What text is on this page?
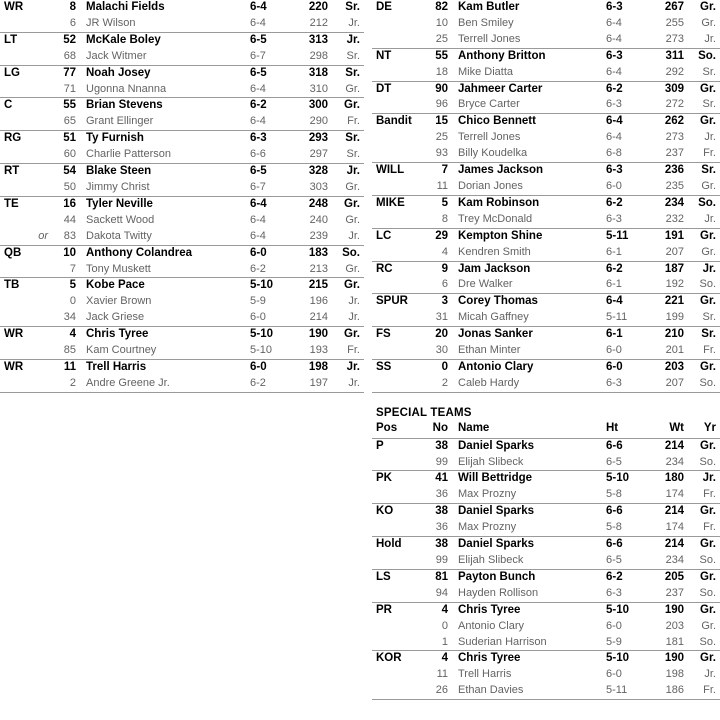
WR	8	Malachi Fields	6-4	220	Sr.
	6	JR Wilson	6-4	212	Jr.
LT	52	McKale Boley	6-5	313	Jr.
	68	Jack Witmer	6-7	298	Sr.
LG	77	Noah Josey	6-5	318	Sr.
	71	Ugonna Nnanna	6-4	310	Gr.
C	55	Brian Stevens	6-2	300	Gr.
	65	Grant Ellinger	6-4	290	Fr.
RG	51	Ty Furnish	6-3	293	Sr.
	60	Charlie Patterson	6-6	297	Sr.
RT	54	Blake Steen	6-5	328	Jr.
	50	Jimmy Christ	6-7	303	Gr.
TE	16	Tyler Neville	6-4	248	Gr.
	44	Sackett Wood	6-4	240	Gr.
or	83	Dakota Twitty	6-4	239	Jr.
QB	10	Anthony Colandrea	6-0	183	So.
	7	Tony Muskett	6-2	213	Gr.
TB	5	Kobe Pace	5-10	215	Gr.
	0	Xavier Brown	5-9	196	Jr.
	34	Jack Griese	6-0	214	Jr.
WR	4	Chris Tyree	5-10	190	Gr.
	85	Kam Courtney	5-10	193	Fr.
WR	11	Trell Harris	6-0	198	Jr.
	2	Andre Greene Jr.	6-2	197	Jr.
DE	82	Kam Butler	6-3	267	Gr.
	10	Ben Smiley	6-4	255	Gr.
	25	Terrell Jones	6-4	273	Jr.
NT	55	Anthony Britton	6-3	311	So.
	18	Mike Diatta	6-4	292	Sr.
DT	90	Jahmeer Carter	6-2	309	Gr.
	96	Bryce Carter	6-3	272	Sr.
Bandit	15	Chico Bennett	6-4	262	Gr.
	25	Terrell Jones	6-4	273	Jr.
	93	Billy Koudelka	6-8	237	Fr.
WILL	7	James Jackson	6-3	236	Sr.
	11	Dorian Jones	6-0	235	Gr.
MIKE	5	Kam Robinson	6-2	234	So.
	8	Trey McDonald	6-3	232	Jr.
LC	29	Kempton Shine	5-11	191	Gr.
	4	Kendren Smith	6-1	207	Gr.
RC	9	Jam Jackson	6-2	187	Jr.
	6	Dre Walker	6-1	192	So.
SPUR	3	Corey Thomas	6-4	221	Gr.
	31	Micah Gaffney	5-11	199	Sr.
FS	20	Jonas Sanker	6-1	210	Sr.
	30	Ethan Minter	6-0	201	Fr.
SS	0	Antonio Clary	6-0	203	Gr.
	2	Caleb Hardy	6-3	207	So.
SPECIAL TEAMS
Pos	No	Name	Ht	Wt	Yr
P	38	Daniel Sparks	6-6	214	Gr.
	99	Elijah Slibeck	6-5	234	So.
PK	41	Will Bettridge	5-10	180	Jr.
	36	Max Prozny	5-8	174	Fr.
KO	38	Daniel Sparks	6-6	214	Gr.
	36	Max Prozny	5-8	174	Fr.
Hold	38	Daniel Sparks	6-6	214	Gr.
	99	Elijah Slibeck	6-5	234	So.
LS	81	Payton Bunch	6-2	205	Gr.
	94	Hayden Rollison	6-3	237	So.
PR	4	Chris Tyree	5-10	190	Gr.
	0	Antonio Clary	6-0	203	Gr.
	1	Suderian Harrison	5-9	181	So.
KOR	4	Chris Tyree	5-10	190	Gr.
	11	Trell Harris	6-0	198	Jr.
	26	Ethan Davies	5-11	186	Fr.
